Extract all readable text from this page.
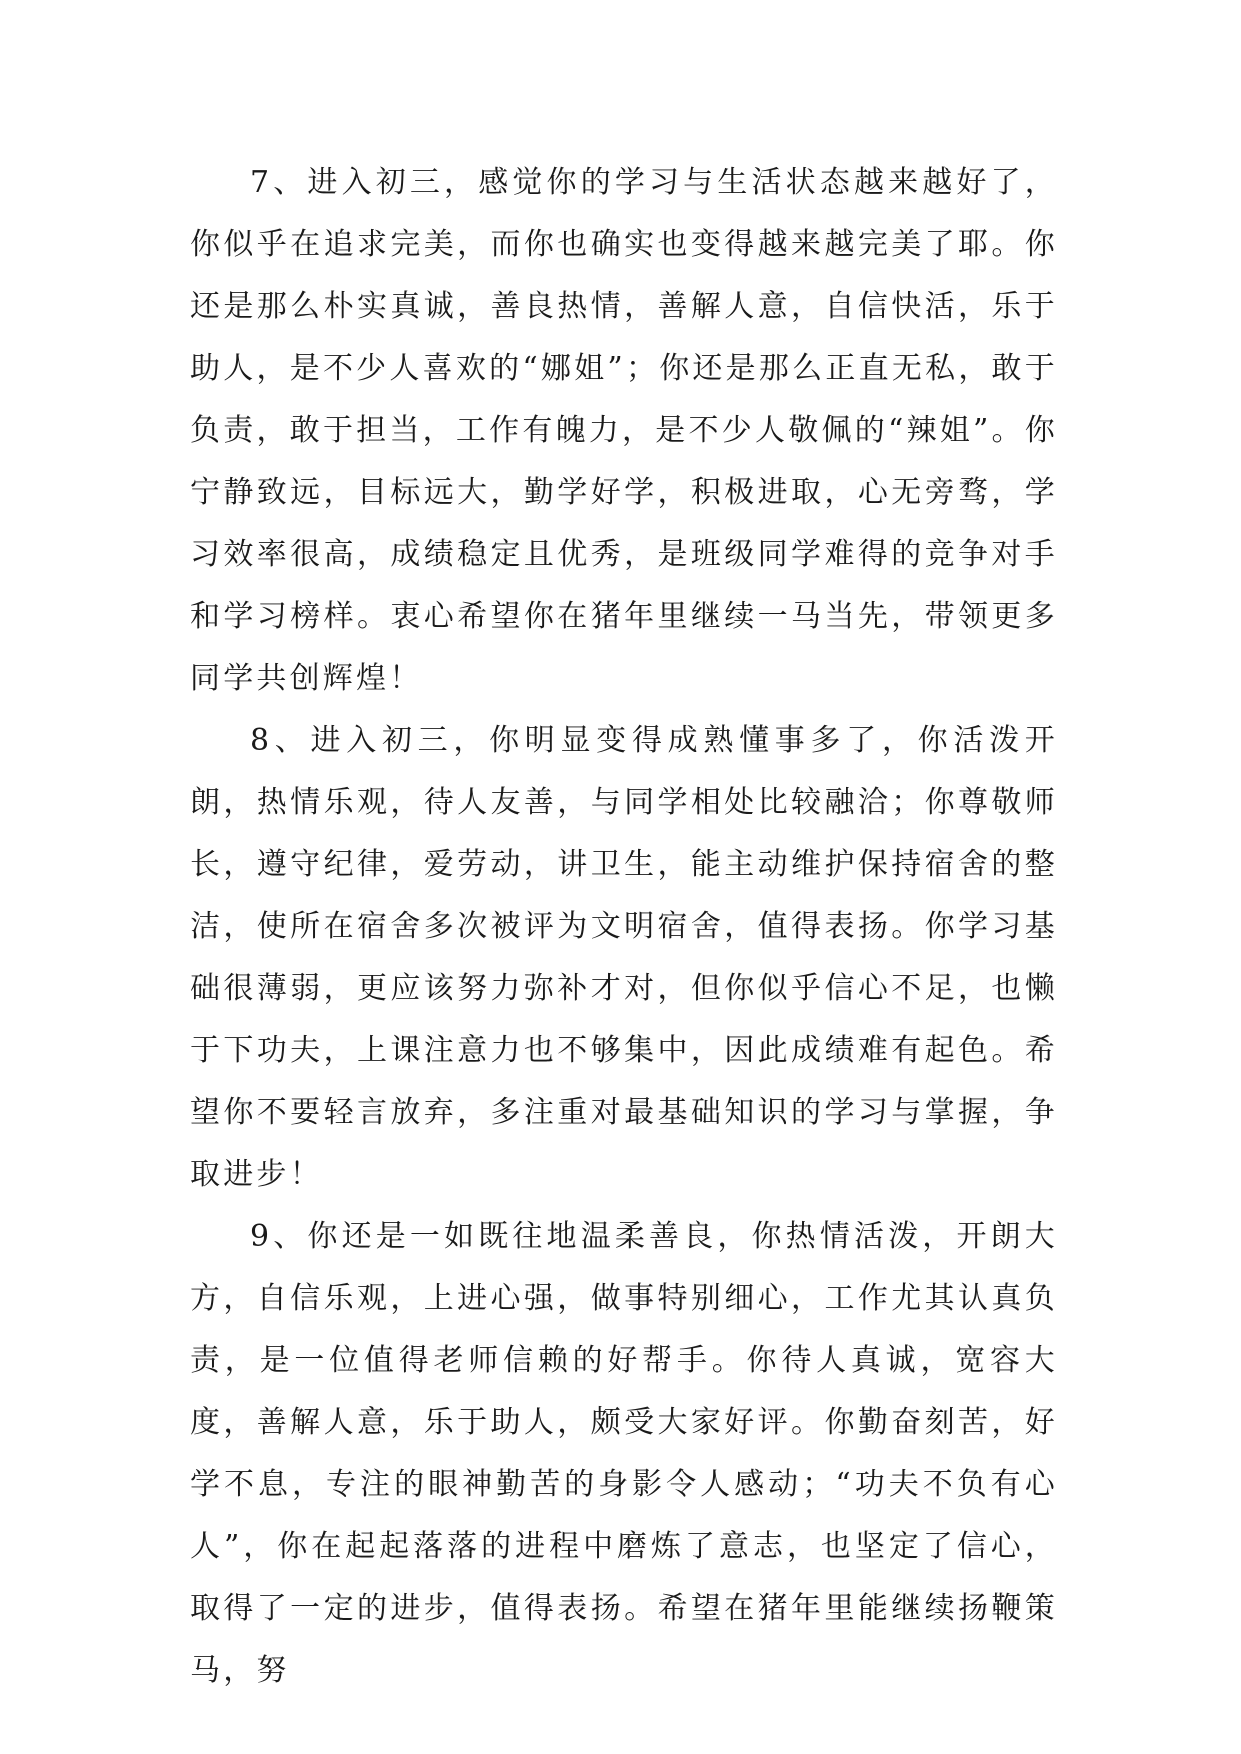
7、进入初三，感觉你的学习与生活状态越来越好了，你似乎在追求完美，而你也确实也变得越来越完美了耶。你还是那么朴实真诚，善良热情，善解人意，自信快活，乐于助人，是不少人喜欢的“娜姐”；你还是那么正直无私，敢于负责，敢于担当，工作有魄力，是不少人敬佩的“辣姐”。你宁静致远，目标远大，勤学好学，积极进取，心无旁骛，学习效率很高，成绩稳定且优秀，是班级同学难得的竞争对手和学习榜样。衷心希望你在猪年里继续一马当先，带领更多同学共创辉煌！

8、进入初三，你明显变得成熟懂事多了，你活泼开朗，热情乐观，待人友善，与同学相处比较融洽；你尊敬师长，遵守纪律，爱劳动，讲卫生，能主动维护保持宿舍的整洁，使所在宿舍多次被评为文明宿舍，值得表扬。你学习基础很薄弱，更应该努力弥补才对，但你似乎信心不足，也懒于下功夫，上课注意力也不够集中，因此成绩难有起色。希望你不要轻言放弃，多注重对最基础知识的学习与掌握，争取进步！

9、你还是一如既往地温柔善良，你热情活泼，开朗大方，自信乐观，上进心强，做事特别细心，工作尤其认真负责，是一位值得老师信赖的好帮手。你待人真诚，宽容大度，善解人意，乐于助人，颇受大家好评。你勤奋刻苦，好学不息，专注的眼神勤苦的身影令人感动；“功夫不负有心人”，你在起起落落的进程中磨炼了意志，也坚定了信心，取得了一定的进步，值得表扬。希望在猪年里能继续扬鞭策马，努
